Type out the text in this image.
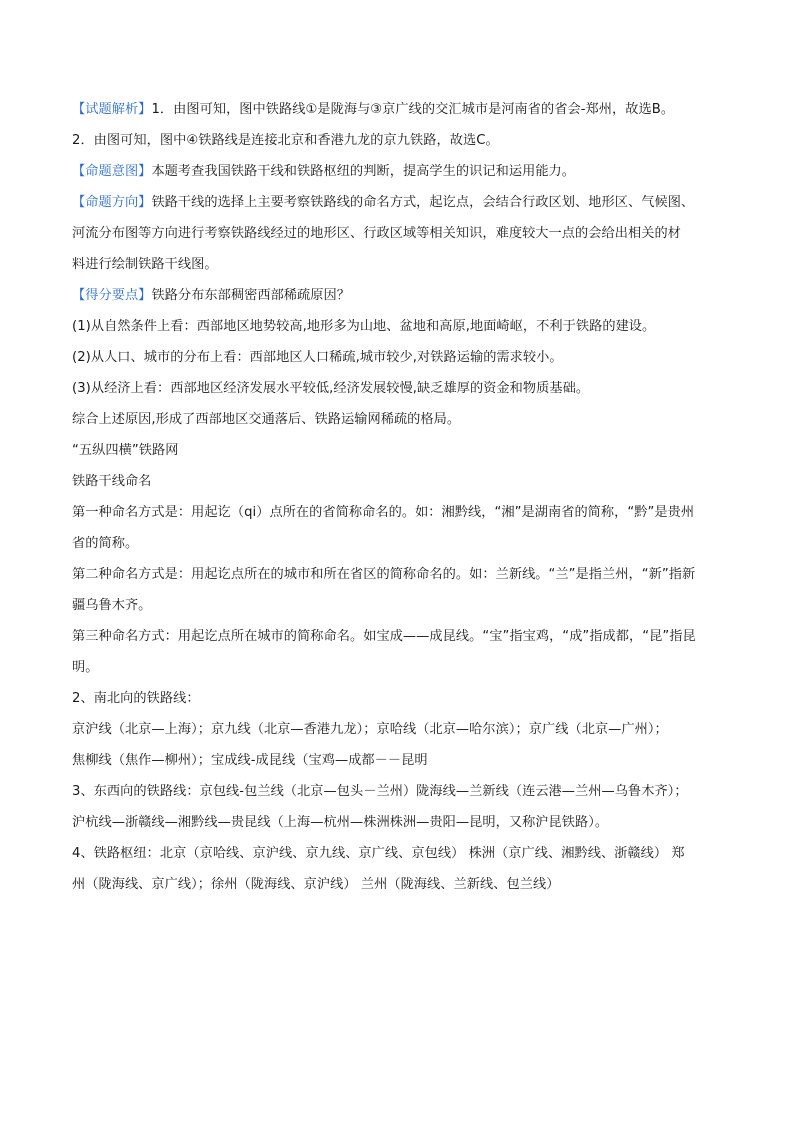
【试题解析】1．由图可知，图中铁路线①是陇海与③京广线的交汇城市是河南省的省会-郑州，故选B。
2．由图可知，图中④铁路线是连接北京和香港九龙的京九铁路，故选C。
【命题意图】本题考查我国铁路干线和铁路枢纽的判断，提高学生的识记和运用能力。
【命题方向】铁路干线的选择上主要考察铁路线的命名方式，起讫点，会结合行政区划、地形区、气候图、
河流分布图等方向进行考察铁路线经过的地形区、行政区域等相关知识，难度较大一点的会给出相关的材
料进行绘制铁路干线图。
【得分要点】铁路分布东部稠密西部稀疏原因？
(1)从自然条件上看：西部地区地势较高,地形多为山地、盆地和高原,地面崎岖，不利于铁路的建设。
(2)从人口、城市的分布上看：西部地区人口稀疏,城市较少,对铁路运输的需求较小。
(3)从经济上看：西部地区经济发展水平较低,经济发展较慢,缺乏雄厚的资金和物质基础。
综合上述原因,形成了西部地区交通落后、铁路运输网稀疏的格局。
“五纵四横”铁路网
铁路干线命名
第一种命名方式是：用起讫（qi）点所在的省简称命名的。如：湘黔线，“湘”是湖南省的简称，“黔”是贵州
省的简称。
第二种命名方式是：用起讫点所在的城市和所在省区的简称命名的。如：兰新线。“兰”是指兰州，“新”指新
疆乌鲁木齐。
第三种命名方式：用起讫点所在城市的简称命名。如宝成——成昆线。“宝”指宝鸡，“成”指成都，“昆”指昆
明。
2、南北向的铁路线：
京沪线（北京—上海）；京九线（北京—香港九龙）；京哈线（北京—哈尔滨）；京广线（北京—广州）；
焦柳线（焦作—柳州）；宝成线-成昆线（宝鸡—成都－－昆明
3、东西向的铁路线：京包线-包兰线（北京—包头－兰州）陇海线—兰新线（连云港—兰州—乌鲁木齐）；
沪杭线—浙赣线—湘黔线—贵昆线（上海—杭州—株洲株洲—贵阳—昆明，又称沪昆铁路）。
4、铁路枢纽：北京（京哈线、京沪线、京九线、京广线、京包线） 株洲（京广线、湘黔线、浙赣线） 郑
州（陇海线、京广线）；徐州（陇海线、京沪线） 兰州（陇海线、兰新线、包兰线）
